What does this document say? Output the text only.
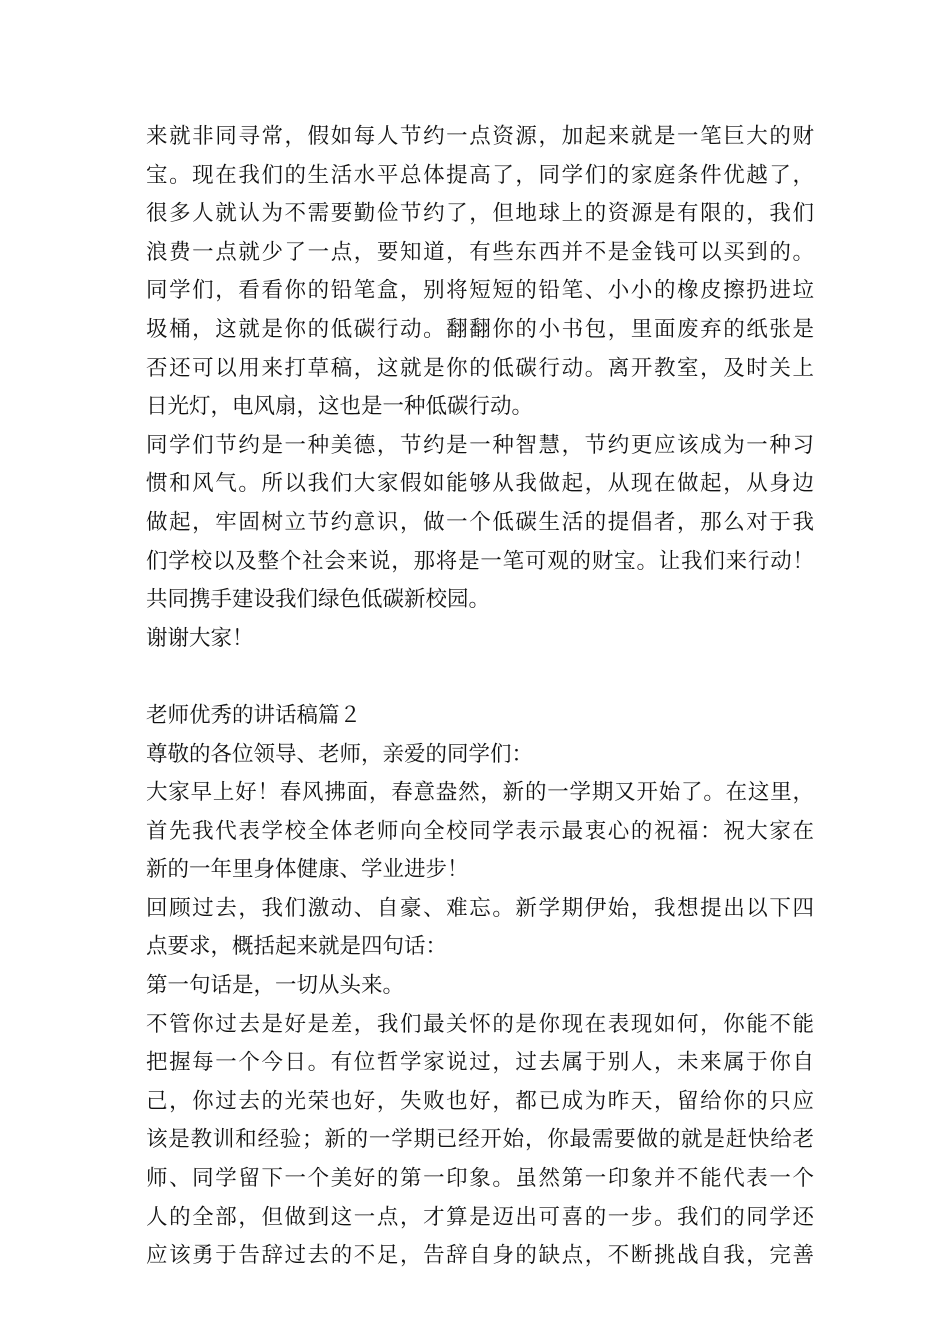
来就非同寻常，假如每人节约一点资源，加起来就是一笔巨大的财
宝。现在我们的生活水平总体提高了，同学们的家庭条件优越了，
很多人就认为不需要勤俭节约了，但地球上的资源是有限的，我们
浪费一点就少了一点，要知道，有些东西并不是金钱可以买到的。
同学们，看看你的铅笔盒，别将短短的铅笔、小小的橡皮擦扔进垃
圾桶，这就是你的低碳行动。翻翻你的小书包，里面废弃的纸张是
否还可以用来打草稿，这就是你的低碳行动。离开教室，及时关上
日光灯，电风扇，这也是一种低碳行动。
同学们节约是一种美德，节约是一种智慧，节约更应该成为一种习
惯和风气。所以我们大家假如能够从我做起，从现在做起，从身边
做起，牢固树立节约意识，做一个低碳生活的提倡者，那么对于我
们学校以及整个社会来说，那将是一笔可观的财宝。让我们来行动！
共同携手建设我们绿色低碳新校园。
谢谢大家！
老师优秀的讲话稿篇２
尊敬的各位领导、老师，亲爱的同学们：
大家早上好！春风拂面，春意盎然，新的一学期又开始了。在这里，
首先我代表学校全体老师向全校同学表示最衷心的祝福：祝大家在
新的一年里身体健康、学业进步！
回顾过去，我们激动、自豪、难忘。新学期伊始，我想提出以下四
点要求，概括起来就是四句话：
第一句话是，一切从头来。
不管你过去是好是差，我们最关怀的是你现在表现如何，你能不能
把握每一个今日。有位哲学家说过，过去属于别人，未来属于你自
己，你过去的光荣也好，失败也好，都已成为昨天，留给你的只应
该是教训和经验；新的一学期已经开始，你最需要做的就是赶快给老
师、同学留下一个美好的第一印象。虽然第一印象并不能代表一个
人的全部，但做到这一点，才算是迈出可喜的一步。我们的同学还
应该勇于告辞过去的不足，告辞自身的缺点，不断挑战自我，完善
